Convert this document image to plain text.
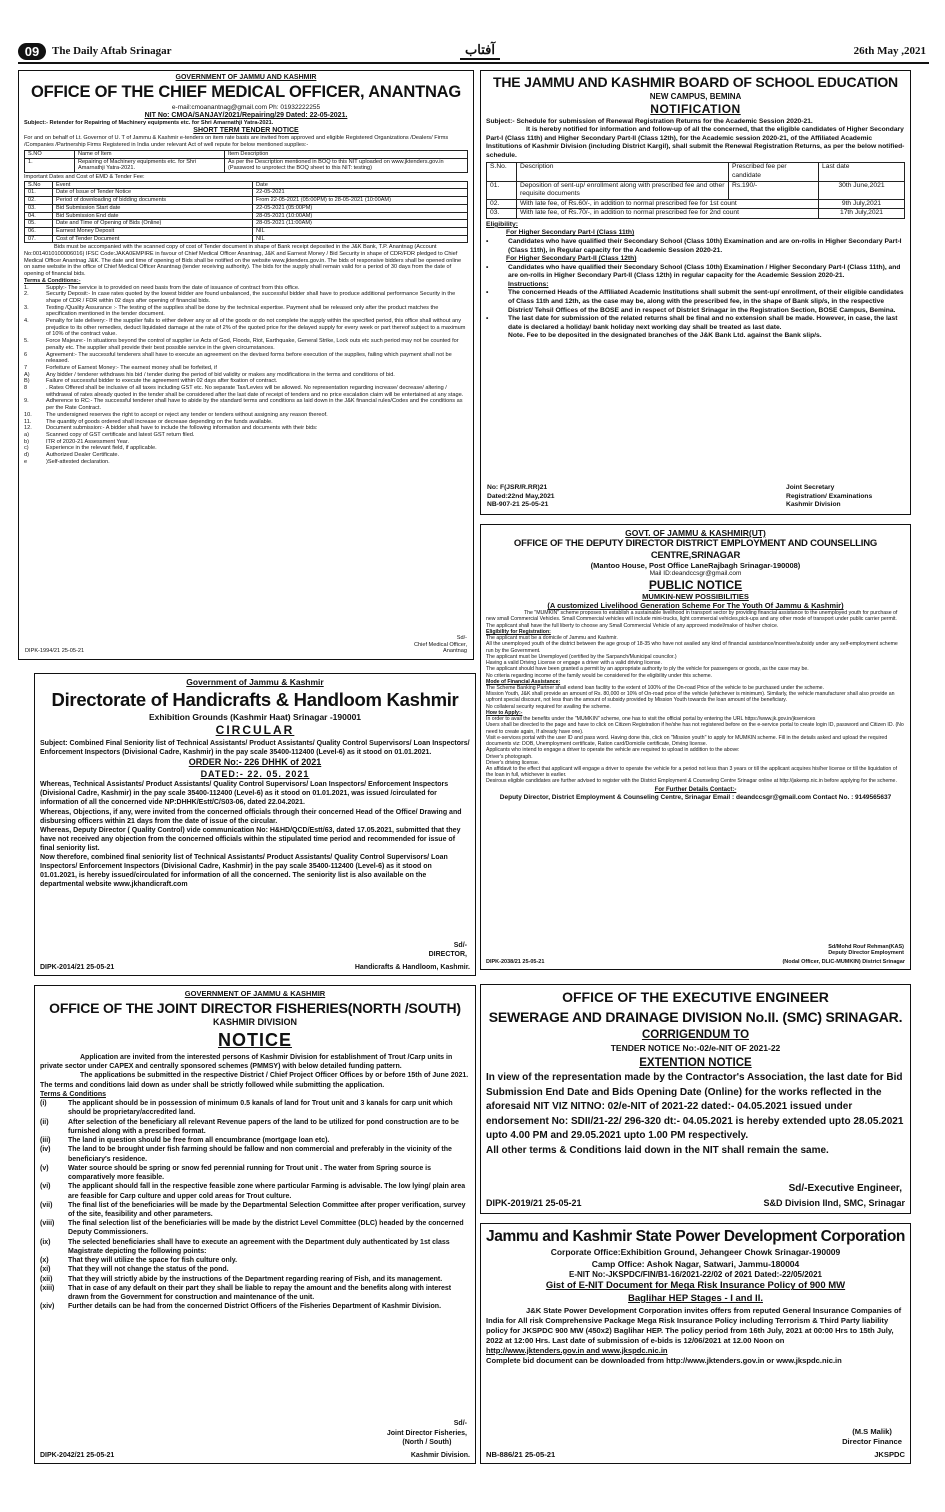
09	The Daily Aftab Srinagar	آفتاب	26th May ,2021

GOVERNMENT OF JAMMU AND KASHMIR

OFFICE OF THE CHIEF MEDICAL OFFICER, ANANTNAG

e-mail:cmoanantnag@gmail.com Ph: 01932222255

NIT No: CMOA/SANJAY/2021/Repairing/29 Dated: 22-05-2021.

Subject:- Retender for Repairing of Machinery equipments etc. for Shri Amarnathji Yatra-2021.

SHORT TERM TENDER NOTICE

For and on behalf of Lt. Governor of U. T of Jammu & Kashmir e-tenders on item rate basis are invited from approved and eligible Registered Organizations /Dealers/ Firms /Companies /Partnership Firms Registered in India under relevant Act of well repute for below mentioned supplies:-

S.NO	Name of Item	Item Description
1.	Repairing of Machinery equipments etc. for Shri Amarnathji Yatra-2021.	As per the Description mentioned in BOQ to this NIT uploaded on www.jktenders.gov.in (Password to unprotect the BOQ sheet to this NIT: testing)

Important Dates and Cost of EMD & Tender Fee:

S.No	Event	Date
01.	Date of Issue of Tender Notice	22-05-2021
02.	Period of downloading of bidding documents	From 22-05-2021 (05:00PM) to 28-05-2021 (10:00AM)
03.	Bid Submission Start date	22-05-2021 (05:00PM)
04.	Bid Submission End date	28-05-2021 (10:00AM)
05.	Date and Time of Opening of Bids (Online)	28-05-2021 (11:00AM)
06.	Earnest Money Deposit	NIL
07.	Cost of Tender Document	NIL

Bids must be accompanied with the scanned copy of cost of Tender document in shape of Bank receipt deposited in the J&K Bank, T.P. Anantnag (Account No:0014010100006016) IFSC Code:JAKA0EMPIRE in favour of Chief Medical Officer Anantnag, J&K and Earnest Money / Bid Security in shape of CDR/FDR pledged to Chief Medical Officer Anantnag J&K. The date and time of opening of Bids shall be notified on the website www.jktenders.gov.in. The bids of responsive bidders shall be opened online on same website in the office of Chief Medical Officer Anantnag (tender receiving authority). The bids for the supply shall remain valid for a period of 30 days from the date of opening of financial bids.

Terms & Conditions:-

1.	Supply:- The service is to provided on need basis from the date of issuance of contract from this office.
2.	Security Deposit:- In case rates quoted by the lowest bidder are found unbalanced, the successful bidder shall have to produce additional performance Security in the shape of CDR / FDR within 02 days after opening of financial bids.
3.	Testing /Quality Assurance :- The testing of the supplies shall be done by the technical expertise. Payment shall be released only after the product matches the specification mentioned in the tender document.
4.	Penalty for late delivery:- If the supplier fails to either deliver any or all of the goods or do not complete the supply within the specified period, this office shall without any prejudice to its other remedies, deduct liquidated damage at the rate of 2% of the quoted price for the delayed supply for every week or part thereof subject to a maximum of 10% of the contract value.
5.	Force Majeure:- In situations beyond the control of supplier i.e Acts of God, Floods, Riot, Earthquake, General Strike, Lock outs etc such period may not be counted for penalty etc. The supplier shall provide their best possible service in the given circumstances.
6	Agreement:- The successful tenderers shall have to execute an agreement on the devised forms before execution of the supplies, failing which payment shall not be released.
7	Forfeiture of Earnest Money:- The earnest money shall be forfeited, if
A)	Any bidder / tenderer withdraws his bid / tender during the period of bid validity or makes any modifications in the terms and conditions of bid.
B)	Failure of successful bidder to execute the agreement within 02 days after fixation of contract.
8	. Rates Offered shall be inclusive of all taxes including GST etc. No separate Tax/Levies will be allowed. No representation regarding increase/ decrease/ altering / withdrawal of rates already quoted in the tender shall be considered after the last date of receipt of tenders and no price escalation claim will be entertained at any stage.
9.	Adherence to RC:- The successful tenderer shall have to abide by the standard terms and conditions as laid down in the J&K financial rules/Codes and the conditions as per the Rate Contract.
10.	The undersigned reserves the right to accept or reject any tender or tenders without assigning any reason thereof.
11.	The quantity of goods ordered shall increase or decrease depending on the funds available.
12.	Document submission:- A bidder shall have to include the following information and documents with their bids:
a)	Scanned copy of GST certificate and latest GST return filed.
b)	ITR of 2020-21 Assessment Year.
c)	Experience in the relevant field, if applicable.
d)	Authorized Dealer Certificate.
e	)Self-attested declaration.

Sd/-

Chief Medical Officer,

Anantnag

DIPK-1994/21 25-05-21

THE JAMMU AND KASHMIR BOARD OF SCHOOL EDUCATION

NEW CAMPUS, BEMINA

NOTIFICATION

Subject:- Schedule for submission of Renewal Registration Returns for the Academic Session 2020-21.

It is hereby notified for information and follow-up of all the concerned, that the eligible candidates of Higher Secondary Part-I (Class 11th) and Higher Secondary Part-II (Class 12th), for the Academic session 2020-21, of the Affiliated Academic Institutions of Kashmir Division (including District Kargil), shall submit the Renewal Registration Returns, as per the below notified-schedule.

S.No.	Description	Prescribed fee per candidate	Last date
01.	Deposition of sent-up/ enrollment along with prescribed fee and other requisite documents	Rs.190/-	30th June,2021
02.	With late fee, of Rs.60/-, in addition to normal prescribed fee for 1st count		9th July,2021
03.	With late fee, of Rs.70/-, in addition to normal prescribed fee for 2nd count		17th July,2021

Eligibility:

For Higher Secondary Part-I (Class 11th)

•	Candidates who have qualified their Secondary School (Class 10th) Examination and are on-rolls in Higher Secondary Part-I (Class 11th), in Regular capacity for the Academic Session 2020-21.

For Higher Secondary Part-II (Class 12th)

•	Candidates who have qualified their Secondary School (Class 10th) Examination / Higher Secondary Part-I (Class 11th), and are on-rolls in Higher Secondary Part-II (Class 12th) in regular capacity for the Academic Session 2020-21.

Instructions:

•	The concerned Heads of the Affiliated Academic Institutions shall submit the sent-up/ enrollment, of their eligible candidates of Class 11th and 12th, as the case may be, along with the prescribed fee, in the shape of Bank slip/s, in the respective District/ Tehsil Offices of the BOSE and in respect of District Srinagar in the Registration Section, BOSE Campus, Bemina.
•	The last date for submission of the related returns shall be final and no extension shall be made. However, in case, the last date is declared a holiday/ bank holiday next working day shall be treated as last date.

Note. Fee to be deposited in the designated branches of the J&K Bank Ltd. against the Bank slip/s.

No: F(JSR/R.RR)21

Dated:22nd May,2021

NB-907-21 25-05-21

Joint Secretary

Registration/ Examinations

Kashmir Division

Government of Jammu & Kashmir

Directorate of Handicrafts & Handloom Kashmir

Exhibition Grounds (Kashmir Haat) Srinagar -190001

CIRCULAR

Subject: Combined Final Seniority list of Technical Assistants/ Product Assistants/ Quality Control Supervisors/ Loan Inspectors/ Enforcement Inspectors (Divisional Cadre, Kashmir) in the pay scale 35400-112400 (Level-6) as it stood on 01.01.2021.

ORDER No:- 226 DHHK of 2021

DATED:- 22. 05. 2021

Whereas, Technical Assistants/ Product Assistants/ Quality Control Supervisors/ Loan Inspectors/ Enforcement Inspectors (Divisional Cadre, Kashmir) in the pay scale 35400-112400 (Level-6) as it stood on 01.01.2021, was issued /circulated for information of all the concerned vide NP:DHHK/Estt/C/S03-06, dated 22.04.2021.

Whereas, Objections, if any, were invited from the concerned officials through their concerned Head of the Office/ Drawing and disbursing officers within 21 days from the date of issue of the circular.

Whereas, Deputy Director ( Quality Control) vide communication No: H&HD/QCD/Estt/63, dated 17.05.2021, submitted that they have not received any objection from the concerned officials within the stipulated time period and recommended for issue of final seniority list.

Now therefore, combined final seniority list of Technical Assistants/ Product Assistants/ Quality Control Supervisors/ Loan Inspectors/ Enforcement Inspectors (Divisional Cadre, Kashmir) in the pay scale 35400-112400 (Level-6) as it stood on 01.01.2021, is hereby issued/circulated for information of all the concerned. The seniority list is also available on the departmental website www.jkhandicraft.com

Sd/-

DIRECTOR,

DIPK-2014/21 25-05-21	Handicrafts & Handloom, Kashmir.

GOVT. OF JAMMU & KASHMIR(UT)

OFFICE OF THE DEPUTY DIRECTOR DISTRICT EMPLOYMENT AND COUNSELLING CENTRE,SRINAGAR

(Mantoo House, Post Office LaneRajbagh Srinagar-190008)

Mail ID:deandccsgr@gmail.com

PUBLIC NOTICE

MUMKIN-NEW POSSIBILITIES

(A customized Livelihood Generation Scheme For The Youth Of Jammu & Kashmir)

The "MUMKIN" scheme proposes to establish a sustainable livelihood in transport sector by providing financial assistance to the unemployed youth for purchase of new small Commercial Vehicles. Small Commercial vehicles will include mini-trucks, light commercial vehicles,pick-ups and any other mode of transport under public carrier permit. The applicant shall have the full liberty to choose any Small Commercial Vehicle of any approved model/make of his/her choice.

Eligibility for Registration:

The applicant must be a domicile of Jammu and Kashmir.

All the unemployed youth of the district between the age group of 18-35 who have not availed any kind of financial assistance/incentive/subsidy under any self-employment scheme run by the Government.

The applicant must be Unemployed (certified by the Sarpanch/Municipal councilor.)

Having a valid Driving License or engage a driver with a valid driving license.

The applicant should have been granted a permit by an appropriate authority to ply the vehicle for passengers or goods, as the case may be.

No criteria regarding income of the family would be considered for the eligibility under this scheme.

Mode of Financial Assistance:

The Scheme Banking Partner shall extend loan facility to the extent of 100% of the On-road Price of the vehicle to be purchased under the scheme.

Mission Youth, J&K shall provide an amount of Rs. 80,000 or 10% of On-road price of the vehicle (whichever is minimum). Similarly, the vehicle manufacturer shall also provide an upfront special discount, not less than the amount of subsidy provided by Mission Youth towards the loan amount of the beneficiary.

No collateral security required for availing the scheme.

How to Apply:-

In order to avail the benefits under the "MUMKIN" scheme, one has to visit the official portal by entering the URL https://www.jk.gov.in/jkservices

Users shall be directed to the page and have to click on Citizen Registration if he/she has not registered before on the e-service portal to create login ID, password and Citizen ID. (No need to create again, If already have one).

Visit e-services portal with the user ID and pass word. Having done this, click on "Mission youth" to apply for MUMKIN scheme. Fill in the details asked and upload the required documents viz: DOB, Unemployment certificate, Ration card/Domicile certificate, Driving license.

Applicants who intend to engage a driver to operate the vehicle are required to upload in addition to the above:

Driver's photograph.

Driver's driving license.

An affidavit to the effect that applicant will engage a driver to operate the vehicle for a period not less than 3 years or till the applicant acquires his/her license or till the liquidation of the loan in full, whichever is earlier.

Desirous eligible candidates are further advised to register with the District Employment & Counseling Centre Srinagar online at http://jakemp.nic.in before applying for the scheme.

For Further Details Contact:-

Deputy Director, District Employment & Counseling Centre, Srinagar Email : deandccsgr@gmail.com Contact No. : 9149565637

Sd/Mohd Rouf Rehman(KAS)

Deputy Director Employment

DIPK-2038/21 25-05-21	(Nodal Officer, DLIC-MUMKIN) District Srinagar

GOVERNMENT OF JAMMU & KASHMIR

OFFICE OF THE JOINT DIRECTOR FISHERIES(NORTH /SOUTH)

KASHMIR DIVISION

NOTICE

Application are invited from the interested persons of Kashmir Division for establishment of Trout /Carp units in private sector under CAPEX and centrally sponsored schemes (PMMSY) with below detailed funding pattern.

The applications be submitted in the respective District / Chief Project Officer Offices by or before 15th of June 2021. The terms and conditions laid down as under shall be strictly followed while submitting the application.

Terms & Conditions

(i)	The applicant should be in possession of minimum 0.5 kanals of land for Trout unit and 3 kanals for carp unit which should be proprietary/accredited land.
(ii)	After selection of the beneficiary all relevant Revenue papers of the land to be utilized for pond construction are to be furnished along with a prescribed format.
(iii)	The land in question should be free from all encumbrance (mortgage loan etc).
(iv)	The land to be brought under fish farming should be fallow and non commercial and preferably in the vicinity of the beneficiary's residence.
(v)	Water source should be spring or snow fed perennial running for Trout unit . The water from Spring source is comparatively more feasible.
(vi)	The applicant should fall in the respective feasible zone where particular Farming is advisable. The low lying/ plain area are feasible for Carp culture and upper cold areas for Trout culture.
(vii)	The final list of the beneficiaries will be made by the Departmental Selection Committee after proper verification, survey of the site, feasibility and other parameters.
(viii)	The final selection list of the beneficiaries will be made by the district Level Committee (DLC) headed by the concerned Deputy Commissioners.
(ix)	The selected beneficiaries shall have to execute an agreement with the Department duly authenticated by 1st class Magistrate depicting the following points:
(x)	That they will utilize the space for fish culture only.
(xi)	That they will not change the status of the pond.
(xii)	That they will strictly abide by the instructions of the Department regarding rearing of Fish, and its management.
(xiii)	That in case of any default on their part they shall be liable to repay the amount and the benefits along with interest drawn from the Government for construction and maintenance of the unit.
(xiv)	Further details can be had from the concerned District Officers of the Fisheries Department of Kashmir Division.

Sd/-

Joint Director Fisheries,

(North / South)

DIPK-2042/21 25-05-21	Kashmir Division.

OFFICE OF THE EXECUTIVE ENGINEER

SEWERAGE AND DRAINAGE DIVISION No.II. (SMC) SRINAGAR.

CORRIGENDUM TO

TENDER NOTICE No:-02/e-NIT OF 2021-22

EXTENTION NOTICE

In view of the representation made by the Contractor's Association, the last date for Bid Submission End Date and Bids Opening Date (Online) for the works reflected in the aforesaid NIT VIZ NITNO: 02/e-NIT of 2021-22 dated:- 04.05.2021 issued under endorsement No: SDII/21-22/ 296-320 dt:- 04.05.2021 is hereby extended upto 28.05.2021 upto 4.00 PM and 29.05.2021 upto 1.00 PM respectively.

All other terms & Conditions laid down in the NIT shall remain the same.

Sd/-Executive Engineer,

DIPK-2019/21 25-05-21	S&D Division IInd, SMC, Srinagar

Jammu and Kashmir State Power Development Corporation

Corporate Office:Exhibition Ground, Jehangeer Chowk Srinagar-190009

Camp Office: Ashok Nagar, Satwari, Jammu-180004

E-NIT No:-JKSPDC/FIN/B1-16/2021-22/02 of 2021 Dated:-22/05/2021

Gist of E-NIT Document for Mega Risk Insurance Policy of 900 MW

Baglihar HEP Stages - I and II.

J&K State Power Development Corporation invites offers from reputed General Insurance Companies of India for All risk Comprehensive Package Mega Risk Insurance Policy including Terrorism & Third Party liability policy for JKSPDC 900 MW (450x2) Baglihar HEP. The policy period from 16th July, 2021 at 00:00 Hrs to 15th July, 2022 at 12:00 Hrs. Last date of submission of e-bids is 12/06/2021 at 12.00 Noon on

http://www.jktenders.gov.in and www.jkspdc.nic.in

Complete bid document can be downloaded from http://www.jktenders.gov.in or www.jkspdc.nic.in

(M.S Malik)

Director Finance

NB-886/21 25-05-21	JKSPDC
